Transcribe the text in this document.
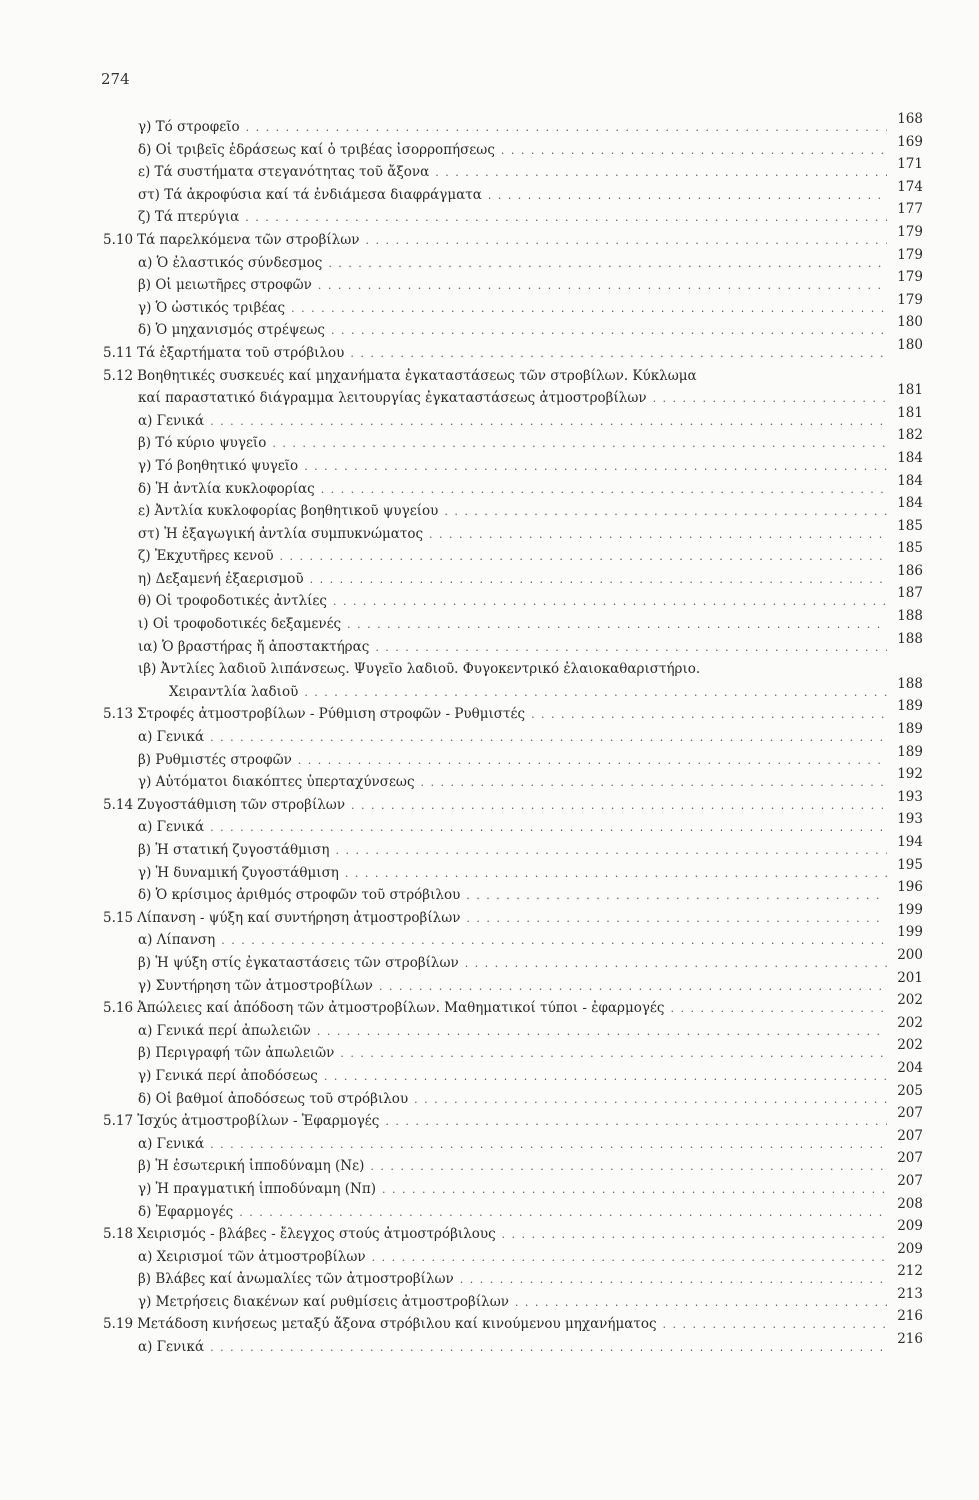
274
γ) Τό στροφεῖο . . .	168
δ) Οἱ τριβεῖς ἑδράσεως καί ὁ τριβέας ἰσορροπήσεως . . .	169
ε) Τά συστήματα στεγανότητας τοῦ ἄξονα . . .	171
στ) Τά ἀκροφύσια καί τά ἐνδιάμεσα διαφράγματα . . .	174
ζ) Τά πτερύγια . . .	177
5.10 Τά παρελκόμενα τῶν στροβίλων . . .	179
α) Ὁ ἐλαστικός σύνδεσμος . . .	179
β) Οἱ μειωτῆρες στροφῶν . . .	179
γ) Ὁ ὠστικός τριβέας . . .	179
δ) Ὁ μηχανισμός στρέψεως . . .	180
5.11 Τά ἐξαρτήματα τοῦ στρόβιλου . . .	180
5.12 Βοηθητικές συσκευές καί μηχανήματα ἐγκαταστάσεως τῶν στροβίλων. Κύκλωμα
καί παραστατικό διάγραμμα λειτουργίας ἐγκαταστάσεως ἀτμοστροβίλων . . .	181
α) Γενικά . . .	181
β) Τό κύριο ψυγεῖο . . .	182
γ) Τό βοηθητικό ψυγεῖο . . .	184
δ) Ἡ ἀντλία κυκλοφορίας . . .	184
ε) Ἀντλία κυκλοφορίας βοηθητικοῦ ψυγείου . . .	184
στ) Ἡ ἐξαγωγική ἀντλία συμπυκνώματος . . .	185
ζ) Ἐκχυτῆρες κενοῦ . . .	185
η) Δεξαμενή ἐξαερισμοῦ . . .	186
θ) Οἱ τροφοδοτικές ἀντλίες . . .	187
ι) Οἱ τροφοδοτικές δεξαμενές . . .	188
ια) Ὁ βραστήρας ἤ ἀποστακτήρας . . .	188
ιβ) Ἀντλίες λαδιοῦ λιπάνσεως. Ψυγεῖο λαδιοῦ. Φυγοκεντρικό ἐλαιοκαθαριστήριο.
Χειραντλία λαδιοῦ . . .	188
5.13 Στροφές ἀτμοστροβίλων - Ρύθμιση στροφῶν - Ρυθμιστές . . .	189
α) Γενικά . . .	189
β) Ρυθμιστές στροφῶν . . .	189
γ) Αὐτόματοι διακόπτες ὑπερταχύνσεως . . .	192
5.14 Ζυγοστάθμιση τῶν στροβίλων . . .	193
α) Γενικά . . .	193
β) Ἡ στατική ζυγοστάθμιση . . .	194
γ) Ἡ δυναμική ζυγοστάθμιση . . .	195
δ) Ὁ κρίσιμος ἀριθμός στροφῶν τοῦ στρόβιλου . . .	196
5.15 Λίπανση - ψύξη καί συντήρηση ἀτμοστροβίλων . . .	199
α) Λίπανση . . .	199
β) Ἡ ψύξη στίς ἐγκαταστάσεις τῶν στροβίλων . . .	200
γ) Συντήρηση τῶν ἀτμοστροβίλων . . .	201
5.16 Ἀπώλειες καί ἀπόδοση τῶν ἀτμοστροβίλων. Μαθηματικοί τύποι - ἐφαρμογές . . .	202
α) Γενικά περί ἀπωλειῶν . . .	202
β) Περιγραφή τῶν ἀπωλειῶν . . .	202
γ) Γενικά περί ἀποδόσεως . . .	204
δ) Οἱ βαθμοί ἀποδόσεως τοῦ στρόβιλου . . .	205
5.17 Ἰσχύς ἀτμοστροβίλων - Ἐφαρμογές . . .	207
α) Γενικά . . .	207
β) Ἡ ἐσωτερική ἱπποδύναμη (Nε) . . .	207
γ) Ἡ πραγματική ἱπποδύναμη (Nπ) . . .	207
δ) Ἐφαρμογές . . .	208
5.18 Χειρισμός - βλάβες - ἔλεγχος στούς ἀτμοστρόβιλους . . .	209
α) Χειρισμοί τῶν ἀτμοστροβίλων . . .	209
β) Βλάβες καί ἀνωμαλίες τῶν ἀτμοστροβίλων . . .	212
γ) Μετρήσεις διακένων καί ρυθμίσεις ἀτμοστροβίλων . . .	213
5.19 Μετάδοση κινήσεως μεταξύ ἄξονα στρόβιλου καί κινούμενου μηχανήματος . . .	216
α) Γενικά . . .	216
